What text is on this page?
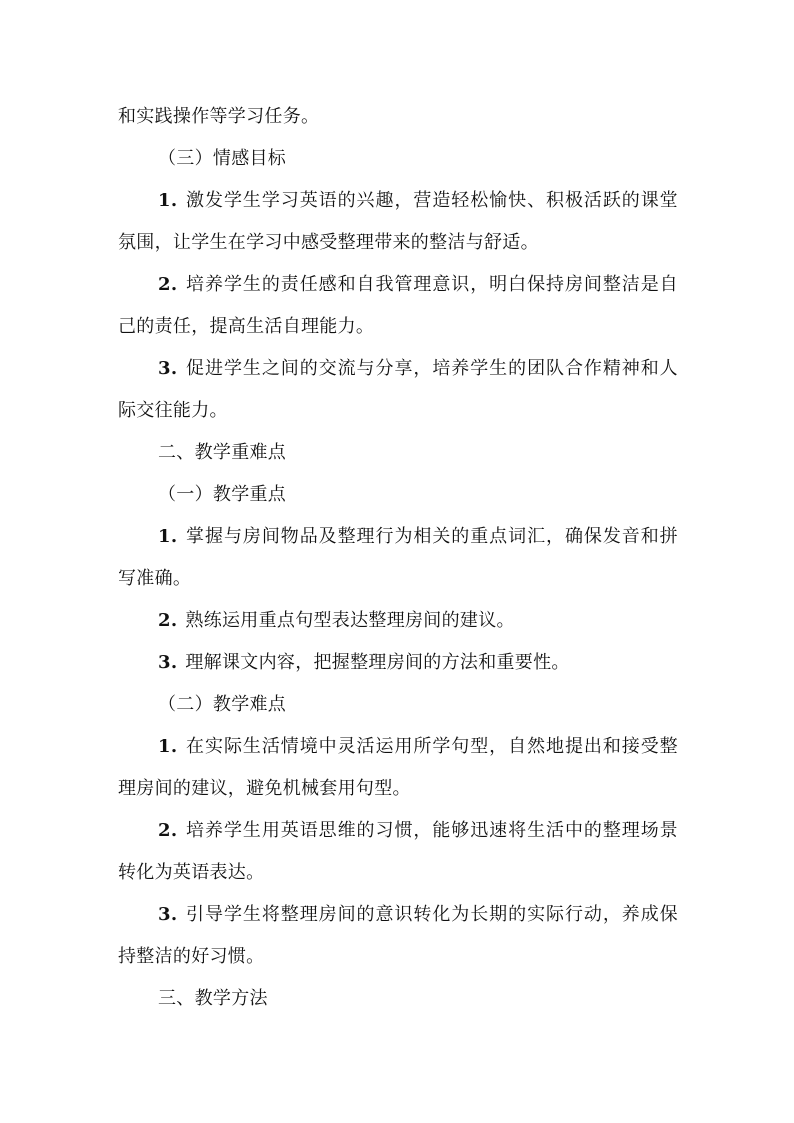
和实践操作等学习任务。
（三）情感目标
1. 激发学生学习英语的兴趣，营造轻松愉快、积极活跃的课堂
氛围，让学生在学习中感受整理带来的整洁与舒适。
2. 培养学生的责任感和自我管理意识，明白保持房间整洁是自
己的责任，提高生活自理能力。
3. 促进学生之间的交流与分享，培养学生的团队合作精神和人
际交往能力。
二、教学重难点
（一）教学重点
1. 掌握与房间物品及整理行为相关的重点词汇，确保发音和拼
写准确。
2. 熟练运用重点句型表达整理房间的建议。
3. 理解课文内容，把握整理房间的方法和重要性。
（二）教学难点
1. 在实际生活情境中灵活运用所学句型，自然地提出和接受整
理房间的建议，避免机械套用句型。
2. 培养学生用英语思维的习惯，能够迅速将生活中的整理场景
转化为英语表达。
3. 引导学生将整理房间的意识转化为长期的实际行动，养成保
持整洁的好习惯。
三、教学方法
